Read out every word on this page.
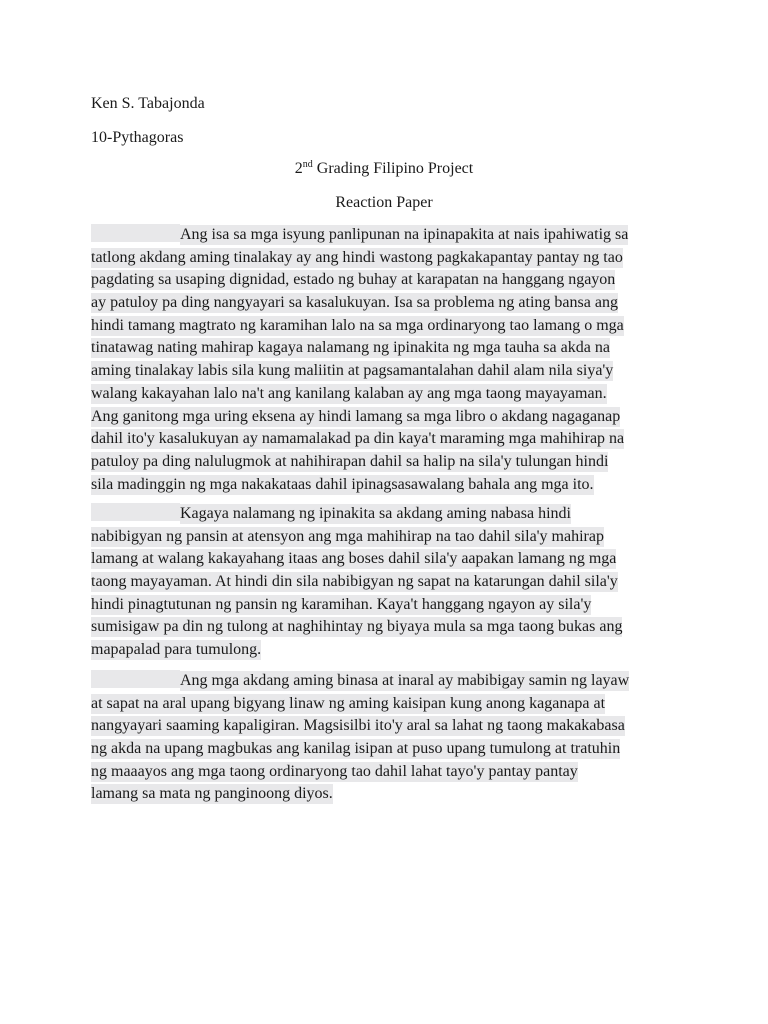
Ken S. Tabajonda
10-Pythagoras
2nd Grading Filipino Project
Reaction Paper
Ang isa sa mga isyung panlipunan na ipinapakita at nais ipahiwatig sa
tatlong akdang aming tinalakay ay ang hindi wastong pagkakapantay pantay ng tao
pagdating sa usaping dignidad, estado ng buhay at karapatan na hanggang ngayon
ay patuloy pa ding nangyayari sa kasalukuyan. Isa sa problema ng ating bansa ang
hindi tamang magtrato ng karamihan lalo na sa mga ordinaryong tao lamang o mga
tinatawag nating mahirap kagaya nalamang ng ipinakita ng mga tauha sa akda na
aming tinalakay labis sila kung maliitin at pagsamantalahan dahil alam nila siya'y
walang kakayahan lalo na't ang kanilang kalaban ay ang mga taong mayayaman.
Ang ganitong mga uring eksena ay hindi lamang sa mga libro o akdang nagaganap
dahil ito'y kasalukuyan ay namamalakad pa din kaya't maraming mga mahihirap na
patuloy pa ding nalulugmok at nahihirapan dahil sa halip na sila'y tulungan hindi
sila madinggin ng mga nakakataas dahil ipinagsasawalang bahala ang mga ito.
Kagaya nalamang ng ipinakita sa akdang aming nabasa hindi
nabibigyan ng pansin at atensyon ang mga mahihirap na tao dahil sila'y mahirap
lamang at walang kakayahang itaas ang boses dahil sila'y aapakan lamang ng mga
taong mayayaman. At hindi din sila nabibigyan ng sapat na katarungan dahil sila'y
hindi pinagtutunan ng pansin ng karamihan. Kaya't hanggang ngayon ay sila'y
sumisigaw pa din ng tulong at naghihintay ng biyaya mula sa mga taong bukas ang
mapapalad para tumulong.
Ang mga akdang aming binasa at inaral ay mabibigay samin ng layaw
at sapat na aral upang bigyang linaw ng aming kaisipan kung anong kaganapa at
nangyayari saaming kapaligiran. Magsisilbi ito'y aral sa lahat ng taong makakabasa
ng akda na upang magbukas ang kanilag isipan at puso upang tumulong at tratuhin
ng maaayos ang mga taong ordinaryong tao dahil lahat tayo'y pantay pantay
lamang sa mata ng panginoong diyos.
